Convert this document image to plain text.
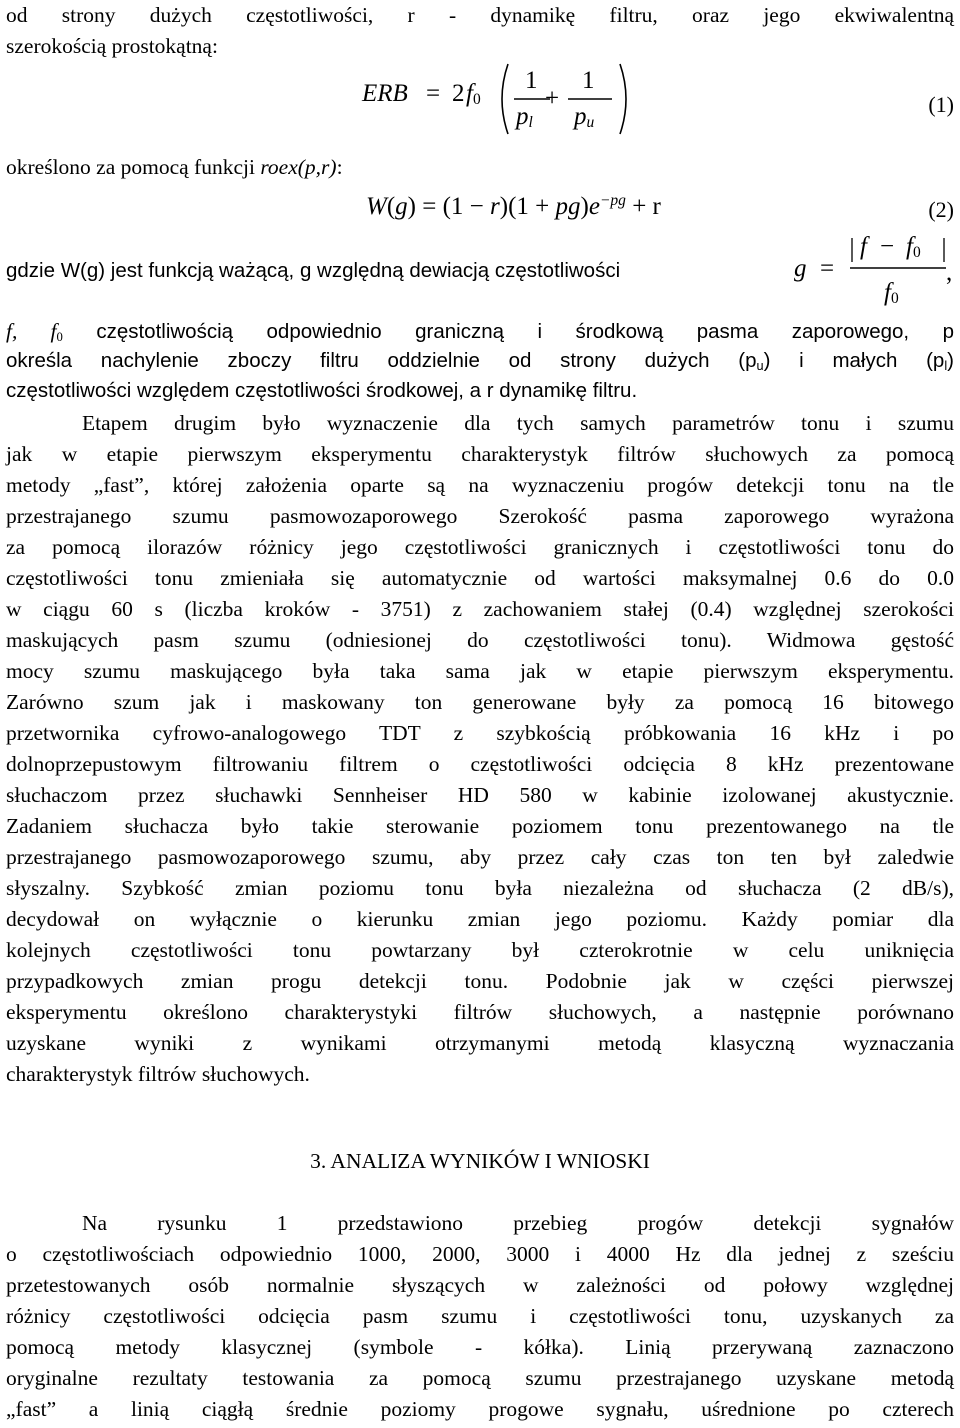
od strony dużych częstotliwości, r - dynamikę filtru, oraz jego ekwiwalentną
szerokością prostokątną:
ERB = 2 $f_0$
1
+
1
$p_l$ $p_u$
(1)
określono za pomocą funkcji roex(p,r):
$W(g) = (1 - r)(1 + pg)e^{-pg} + r$	(2)
gdzie W(g) jest funkcją ważącą, g względną dewiacją częstotliwości	g =
$f - f_0$
$f_0$
,
f, $f_0$ częstotliwością odpowiednio graniczną i środkową pasma zaporowego, p
określa nachylenie zboczy filtru oddzielnie od strony dużych $(p_u)$ i małych $(p_l)$
częstotliwości względem częstotliwości środkowej, a r dynamikę filtru.
Etapem drugim było wyznaczenie dla tych samych parametrów tonu i szumu
jak w etapie pierwszym eksperymentu charakterystyk filtrów słuchowych za pomocą
metody „fast”, której założenia oparte są na wyznaczeniu progów detekcji tonu na tle
przestrajanego szumu pasmowozaporowego Szerokość pasma zaporowego wyrażona
za pomocą ilorazów różnicy jego częstotliwości granicznych i częstotliwości tonu do
częstotliwości tonu zmieniała się automatycznie od wartości maksymalnej 0.6 do 0.0
w ciągu 60 s (liczba kroków - 3751) z zachowaniem stałej (0.4) względnej szerokości
maskujących pasm szumu (odniesionej do częstotliwości tonu). Widmowa gęstość
mocy szumu maskującego była taka sama jak w etapie pierwszym eksperymentu.
Zarówno szum jak i maskowany ton generowane były za pomocą 16 bitowego
przetwornika cyfrowo-analogowego TDT z szybkością próbkowania 16 kHz i po
dolnoprzepustowym filtrowaniu filtrem o częstotliwości odcięcia 8 kHz prezentowane
słuchaczom przez słuchawki Sennheiser HD 580 w kabinie izolowanej akustycznie.
Zadaniem słuchacza było takie sterowanie poziomem tonu prezentowanego na tle
przestrajanego pasmowozaporowego szumu, aby przez cały czas ton ten był zaledwie
słyszalny. Szybkość zmian poziomu tonu była niezależna od słuchacza (2 dB/s),
decydował on wyłącznie o kierunku zmian jego poziomu. Każdy pomiar dla
kolejnych częstotliwości tonu powtarzany był czterokrotnie w celu uniknięcia
przypadkowych zmian progu detekcji tonu. Podobnie jak w części pierwszej
eksperymentu określono charakterystyki filtrów słuchowych, a następnie porównano
uzyskane wyniki z wynikami otrzymanymi metodą klasyczną wyznaczania
charakterystyk filtrów słuchowych.
3. ANALIZA WYNIKÓW I WNIOSKI
Na rysunku 1 przedstawiono przebieg progów detekcji sygnałów
o częstotliwościach odpowiednio 1000, 2000, 3000 i 4000 Hz dla jednej z sześciu
przetestowanych osób normalnie słyszących w zależności od połowy względnej
różnicy częstotliwości odcięcia pasm szumu i częstotliwości tonu, uzyskanych za
pomocą metody klasycznej (symbole - kółka). Linią przerywaną zaznaczono
oryginalne rezultaty testowania za pomocą szumu przestrajanego uzyskane metodą
„fast” a linią ciągłą średnie poziomy progowe sygnału, uśrednione po czterech
